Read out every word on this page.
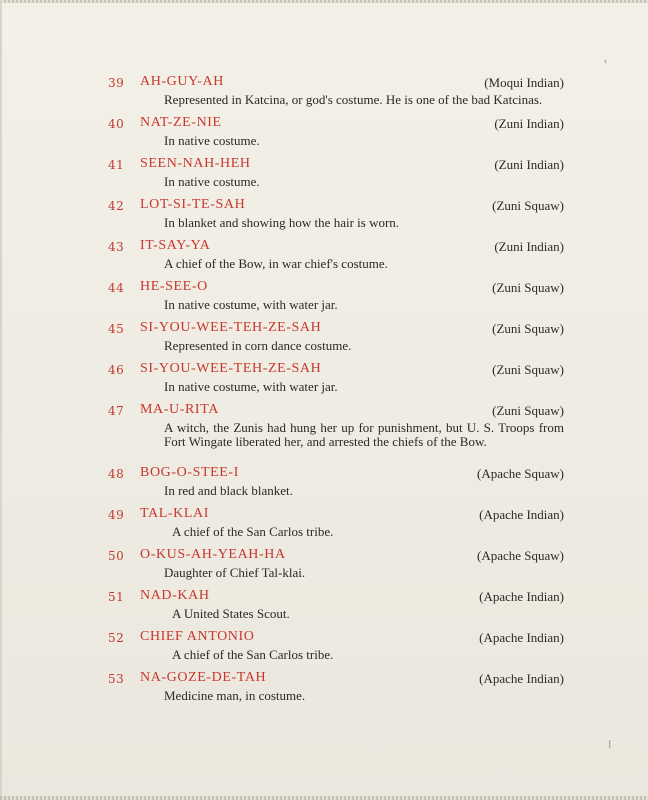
ʿ
⁞
39	AH-GUY-AH	(Moqui Indian)
Represented in Katcina, or god's costume. He is one of the bad Katcinas.
40	NAT-ZE-NIE	(Zuni Indian)
In native costume.
41	SEEN-NAH-HEH	(Zuni Indian)
In native costume.
42	LOT-SI-TE-SAH	(Zuni Squaw)
In blanket and showing how the hair is worn.
43	IT-SAY-YA	(Zuni Indian)
A chief of the Bow, in war chief's costume.
44	HE-SEE-O	(Zuni Squaw)
In native costume, with water jar.
45	SI-YOU-WEE-TEH-ZE-SAH	(Zuni Squaw)
Represented in corn dance costume.
46	SI-YOU-WEE-TEH-ZE-SAH	(Zuni Squaw)
In native costume, with water jar.
47	MA-U-RITA	(Zuni Squaw)
A witch, the Zunis had hung her up for punishment, but U. S. Troops from Fort Wingate liberated her, and arrested the chiefs of the Bow.
48	BOG-O-STEE-I	(Apache Squaw)
In red and black blanket.
49	TAL-KLAI	(Apache Indian)
A chief of the San Carlos tribe.
50	O-KUS-AH-YEAH-HA	(Apache Squaw)
Daughter of Chief Tal-klai.
51	NAD-KAH	(Apache Indian)
A United States Scout.
52	CHIEF ANTONIO	(Apache Indian)
A chief of the San Carlos tribe.
53	NA-GOZE-DE-TAH	(Apache Indian)
Medicine man, in costume.
